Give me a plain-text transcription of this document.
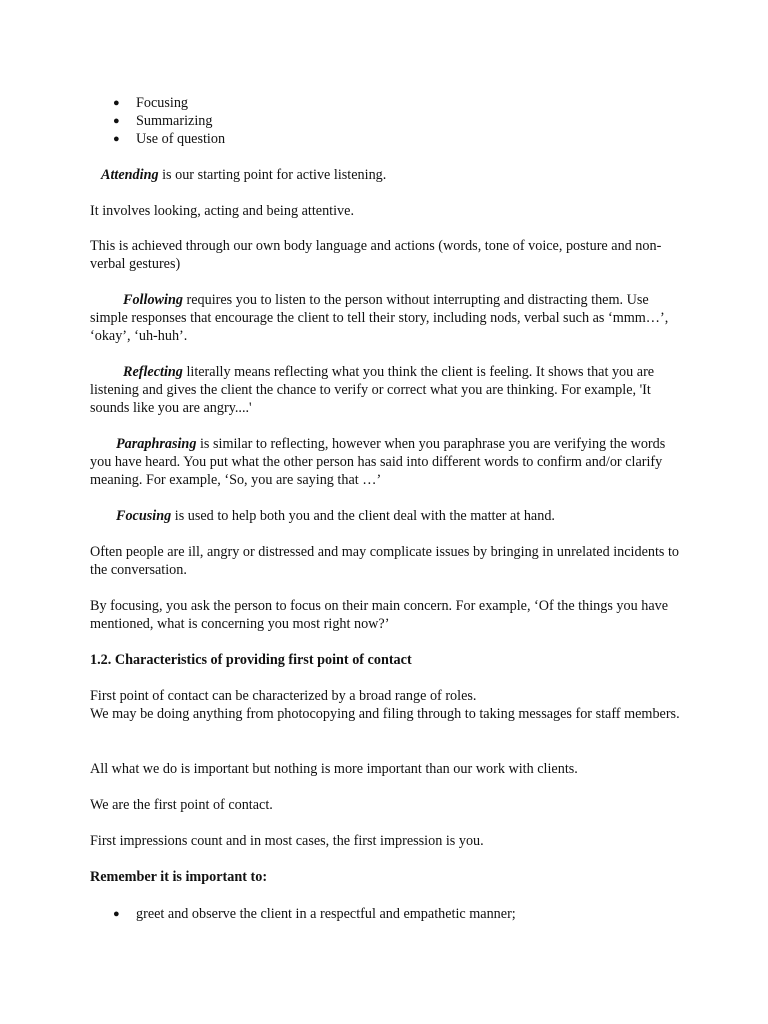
● Focusing
● Summarizing
● Use of question

Attending is our starting point for active listening.

It involves looking, acting and being attentive.

This is achieved through our own body language and actions (words, tone of voice, posture and non-verbal gestures)

Following requires you to listen to the person without interrupting and distracting them. Use simple responses that encourage the client to tell their story, including nods, verbal such as ‘mmm…’, ‘okay’, ‘uh-huh’.

Reflecting literally means reflecting what you think the client is feeling. It shows that you are listening and gives the client the chance to verify or correct what you are thinking. For example, 'It sounds like you are angry....'

Paraphrasing is similar to reflecting, however when you paraphrase you are verifying the words you have heard. You put what the other person has said into different words to confirm and/or clarify meaning. For example, ‘So, you are saying that …’

Focusing is used to help both you and the client deal with the matter at hand.

Often people are ill, angry or distressed and may complicate issues by bringing in unrelated incidents to the conversation.

By focusing, you ask the person to focus on their main concern. For example, ‘Of the things you have mentioned, what is concerning you most right now?’

1.2. Characteristics of providing first point of contact

First point of contact can be characterized by a broad range of roles.
We may be doing anything from photocopying and filing through to taking messages for staff members.

All what we do is important but nothing is more important than our work with clients.

We are the first point of contact.

First impressions count and in most cases, the first impression is you.

Remember it is important to:

● greet and observe the client in a respectful and empathetic manner;
